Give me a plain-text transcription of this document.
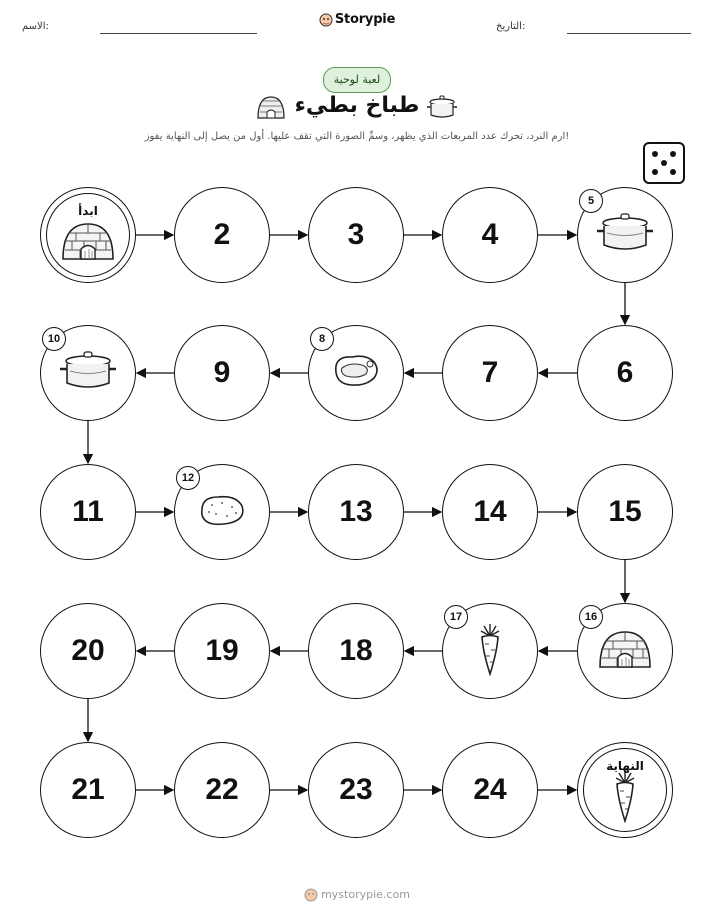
الاسم:	Storypie	التاريخ:
لعبة لوحية
طباخ بطيء
ارم النرد، تحرك عدد المربعات الذي يظهر، وسمِّ الصورة التي تقف عليها. أول من يصل إلى النهاية يفوز!
ابدأ
2	3	4
5
6
7
8
9
10
11
12
13	14	15
16
17
18
19
20
21	22	23	24
النهاية
mystorypie.com
